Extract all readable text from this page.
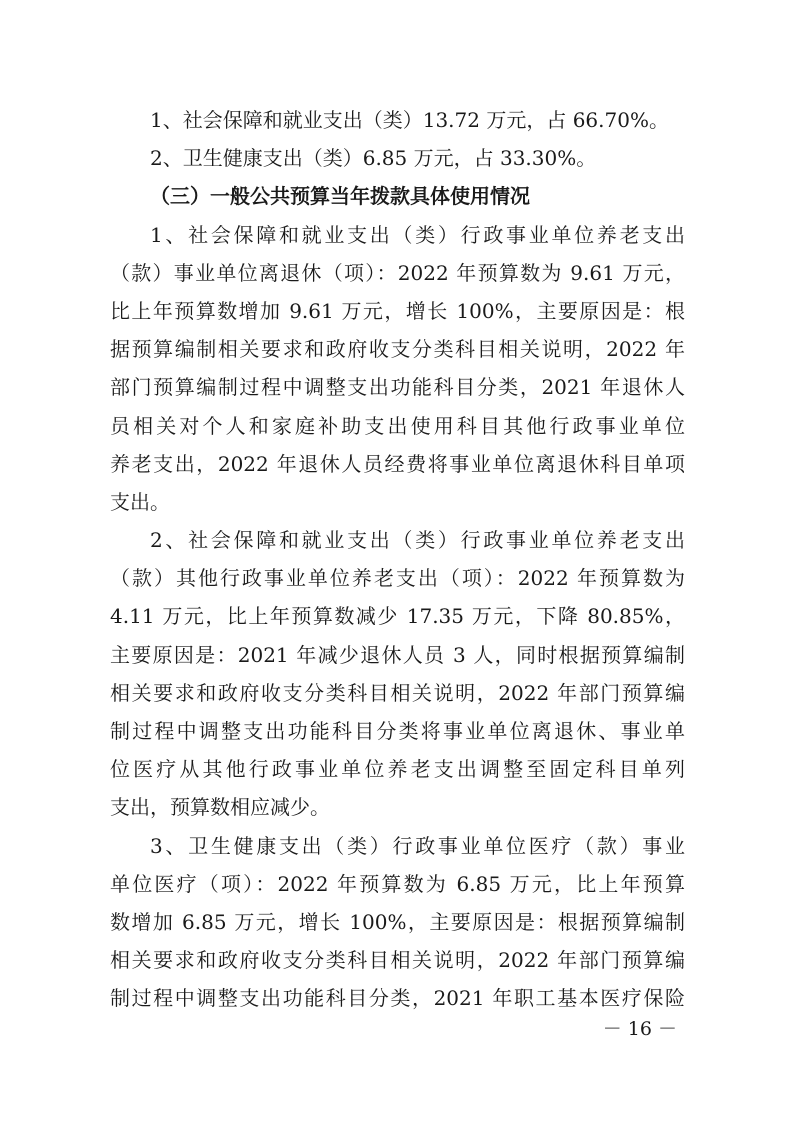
1、社会保障和就业支出（类）13.72 万元，占 66.70%。
2、卫生健康支出（类）6.85 万元，占 33.30%。
（三）一般公共预算当年拨款具体使用情况
1、社会保障和就业支出（类）行政事业单位养老支出
（款）事业单位离退休（项）：2022 年预算数为 9.61 万元，
比上年预算数增加 9.61 万元，增长 100%，主要原因是：根
据预算编制相关要求和政府收支分类科目相关说明，2022 年
部门预算编制过程中调整支出功能科目分类，2021 年退休人
员相关对个人和家庭补助支出使用科目其他行政事业单位
养老支出，2022 年退休人员经费将事业单位离退休科目单项
支出。
2、社会保障和就业支出（类）行政事业单位养老支出
（款）其他行政事业单位养老支出（项）：2022 年预算数为
4.11 万元，比上年预算数减少 17.35 万元，下降 80.85%，
主要原因是：2021 年减少退休人员 3 人，同时根据预算编制
相关要求和政府收支分类科目相关说明，2022 年部门预算编
制过程中调整支出功能科目分类将事业单位离退休、事业单
位医疗从其他行政事业单位养老支出调整至固定科目单列
支出，预算数相应减少。
3、卫生健康支出（类）行政事业单位医疗（款）事业
单位医疗（项）：2022 年预算数为 6.85 万元，比上年预算
数增加 6.85 万元，增长 100%，主要原因是：根据预算编制
相关要求和政府收支分类科目相关说明，2022 年部门预算编
制过程中调整支出功能科目分类，2021 年职工基本医疗保险
－ 16 －
